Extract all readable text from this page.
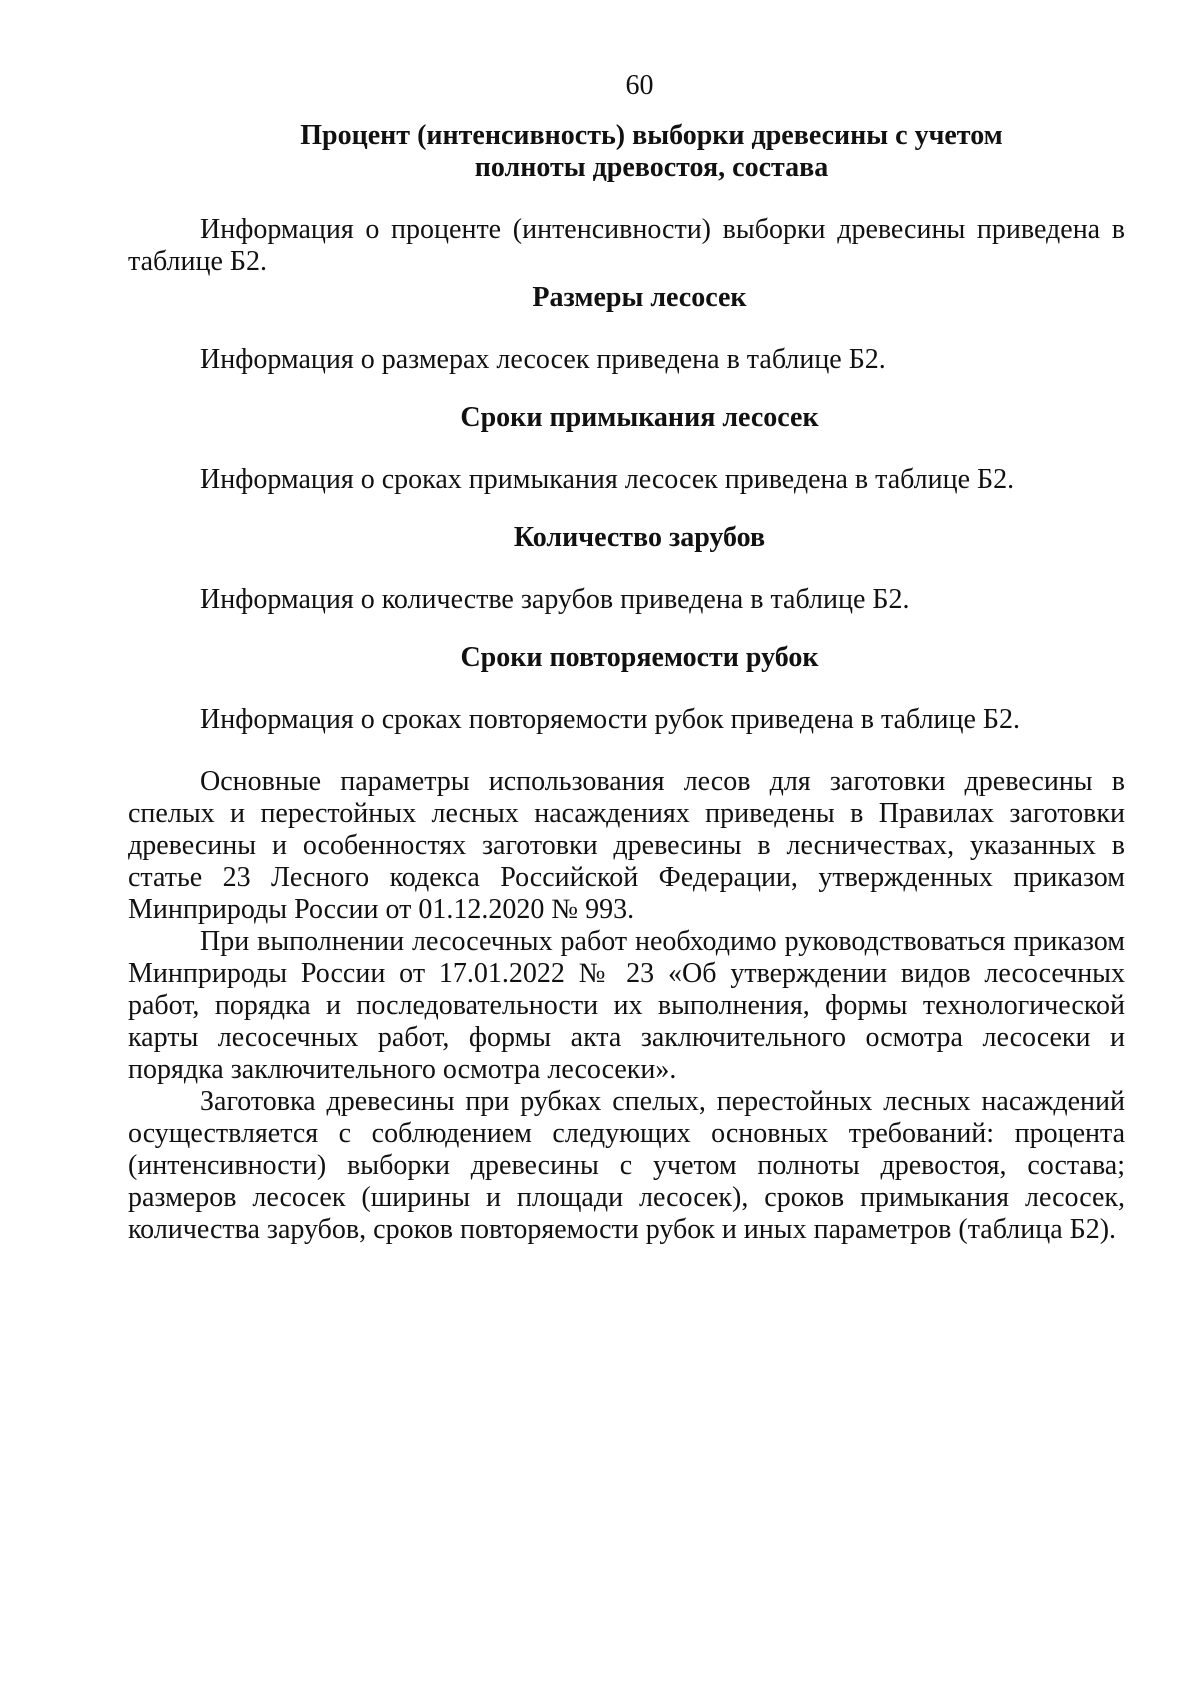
60

Процент (интенсивность) выборки древесины с учетом полноты древостоя, состава

Информация о проценте (интенсивности) выборки древесины приведена в таблице Б2.

Размеры лесосек

Информация о размерах лесосек приведена в таблице Б2.

Сроки примыкания лесосек

Информация о сроках примыкания лесосек приведена в таблице Б2.

Количество зарубов

Информация о количестве зарубов приведена в таблице Б2.

Сроки повторяемости рубок

Информация о сроках повторяемости рубок приведена в таблице Б2.

Основные параметры использования лесов для заготовки древесины в спелых и перестойных лесных насаждениях приведены в Правилах заготовки древесины и особенностях заготовки древесины в лесничествах, указанных в статье 23 Лесного кодекса Российской Федерации, утвержденных приказом Минприроды России от 01.12.2020 № 993.

При выполнении лесосечных работ необходимо руководствоваться приказом Минприроды России от 17.01.2022 № 23 «Об утверждении видов лесосечных работ, порядка и последовательности их выполнения, формы технологической карты лесосечных работ, формы акта заключительного осмотра лесосеки и порядка заключительного осмотра лесосеки».

Заготовка древесины при рубках спелых, перестойных лесных насаждений осуществляется с соблюдением следующих основных требований: процента (интенсивности) выборки древесины с учетом полноты древостоя, состава; размеров лесосек (ширины и площади лесосек), сроков примыкания лесосек, количества зарубов, сроков повторяемости рубок и иных параметров (таблица Б2).
